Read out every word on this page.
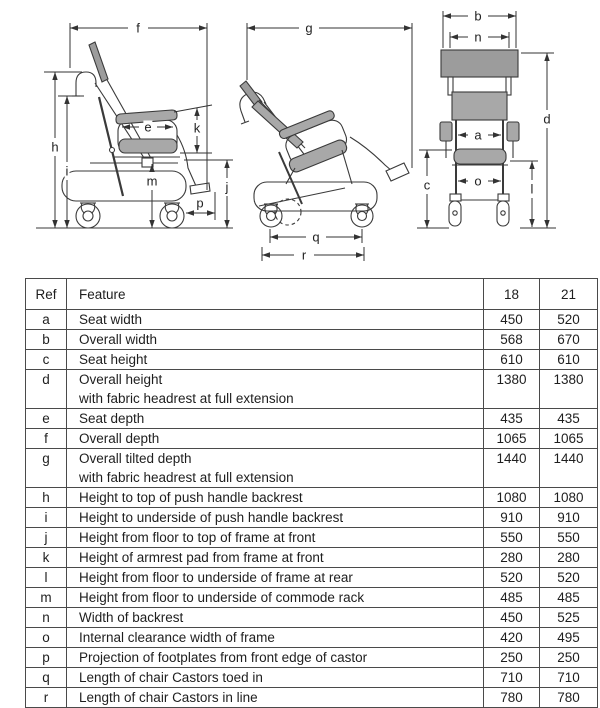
f
h
i
e	k
m	j
p
g
q
r
b
n
a
o
c	l
d
Ref	Feature	18	21
a	Seat width	450	520
b	Overall width	568	670
c	Seat height	610	610
d	Overall height
with fabric headrest at full extension
1380	1380
e	Seat depth	435	435
f	Overall depth	1065	1065
g	Overall tilted depth
with fabric headrest at full extension
1440	1440
h	Height to top of push handle backrest	1080	1080
i	Height to underside of push handle backrest	910	910
j	Height from floor to top of frame at front	550	550
k	Height of armrest pad from frame at front	280	280
l	Height from floor to underside of frame at rear	520	520
m	Height from floor to underside of commode rack	485	485
n	Width of backrest	450	525
o	Internal clearance width of frame	420	495
p	Projection of footplates from front edge of castor	250	250
q	Length of chair Castors toed in	710	710
r	Length of chair Castors in line	780	780
